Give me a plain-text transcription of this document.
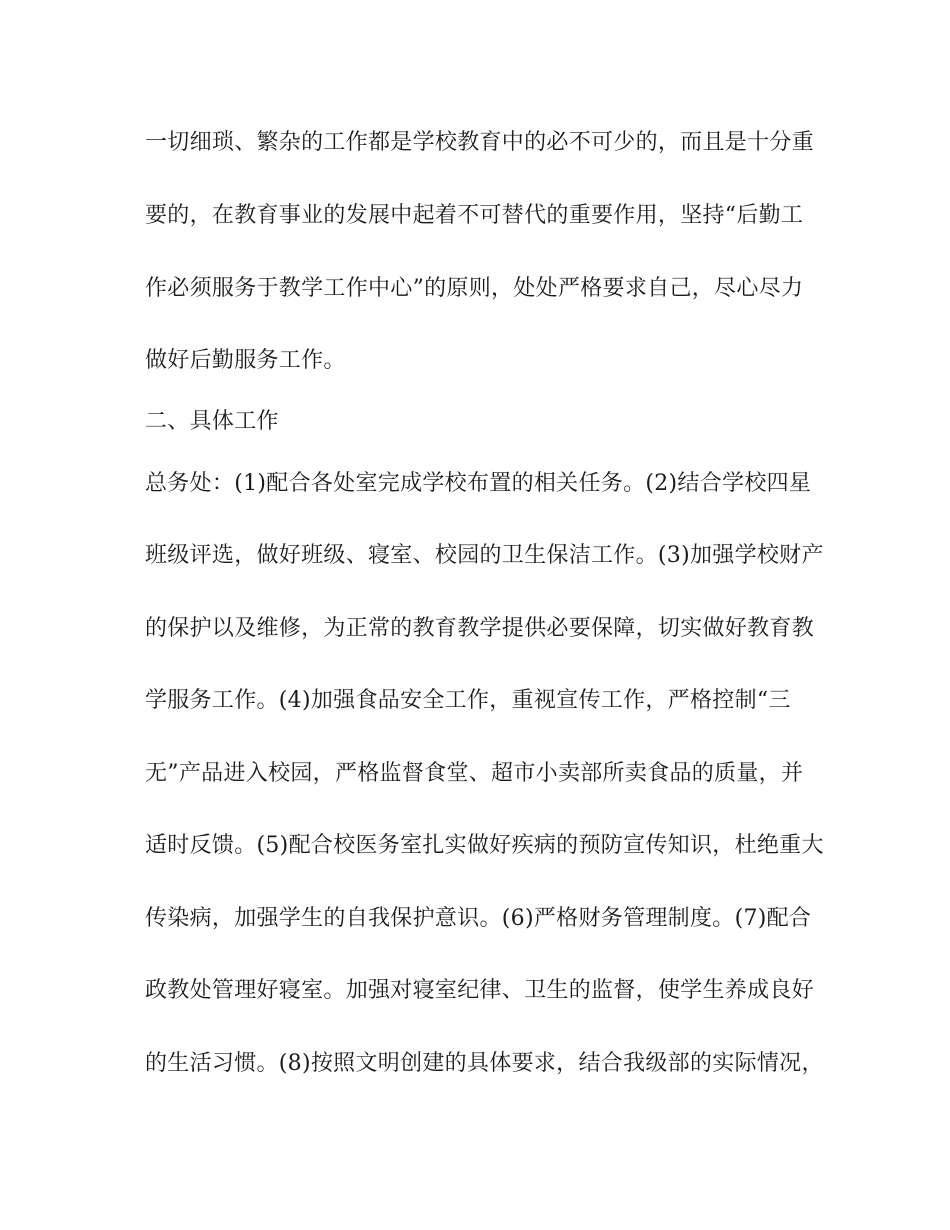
一切细琐、繁杂的工作都是学校教育中的必不可少的，而且是十分重
要的，在教育事业的发展中起着不可替代的重要作用，坚持“后勤工
作必须服务于教学工作中心”的原则，处处严格要求自己，尽心尽力
做好后勤服务工作。
二、具体工作
总务处：(1)配合各处室完成学校布置的相关任务。(2)结合学校四星
班级评选，做好班级、寝室、校园的卫生保洁工作。(3)加强学校财产
的保护以及维修，为正常的教育教学提供必要保障，切实做好教育教
学服务工作。(4)加强食品安全工作，重视宣传工作，严格控制“三
无”产品进入校园，严格监督食堂、超市小卖部所卖食品的质量，并
适时反馈。(5)配合校医务室扎实做好疾病的预防宣传知识，杜绝重大
传染病，加强学生的自我保护意识。(6)严格财务管理制度。(7)配合
政教处管理好寝室。加强对寝室纪律、卫生的监督，使学生养成良好
的生活习惯。(8)按照文明创建的具体要求，结合我级部的实际情况，
